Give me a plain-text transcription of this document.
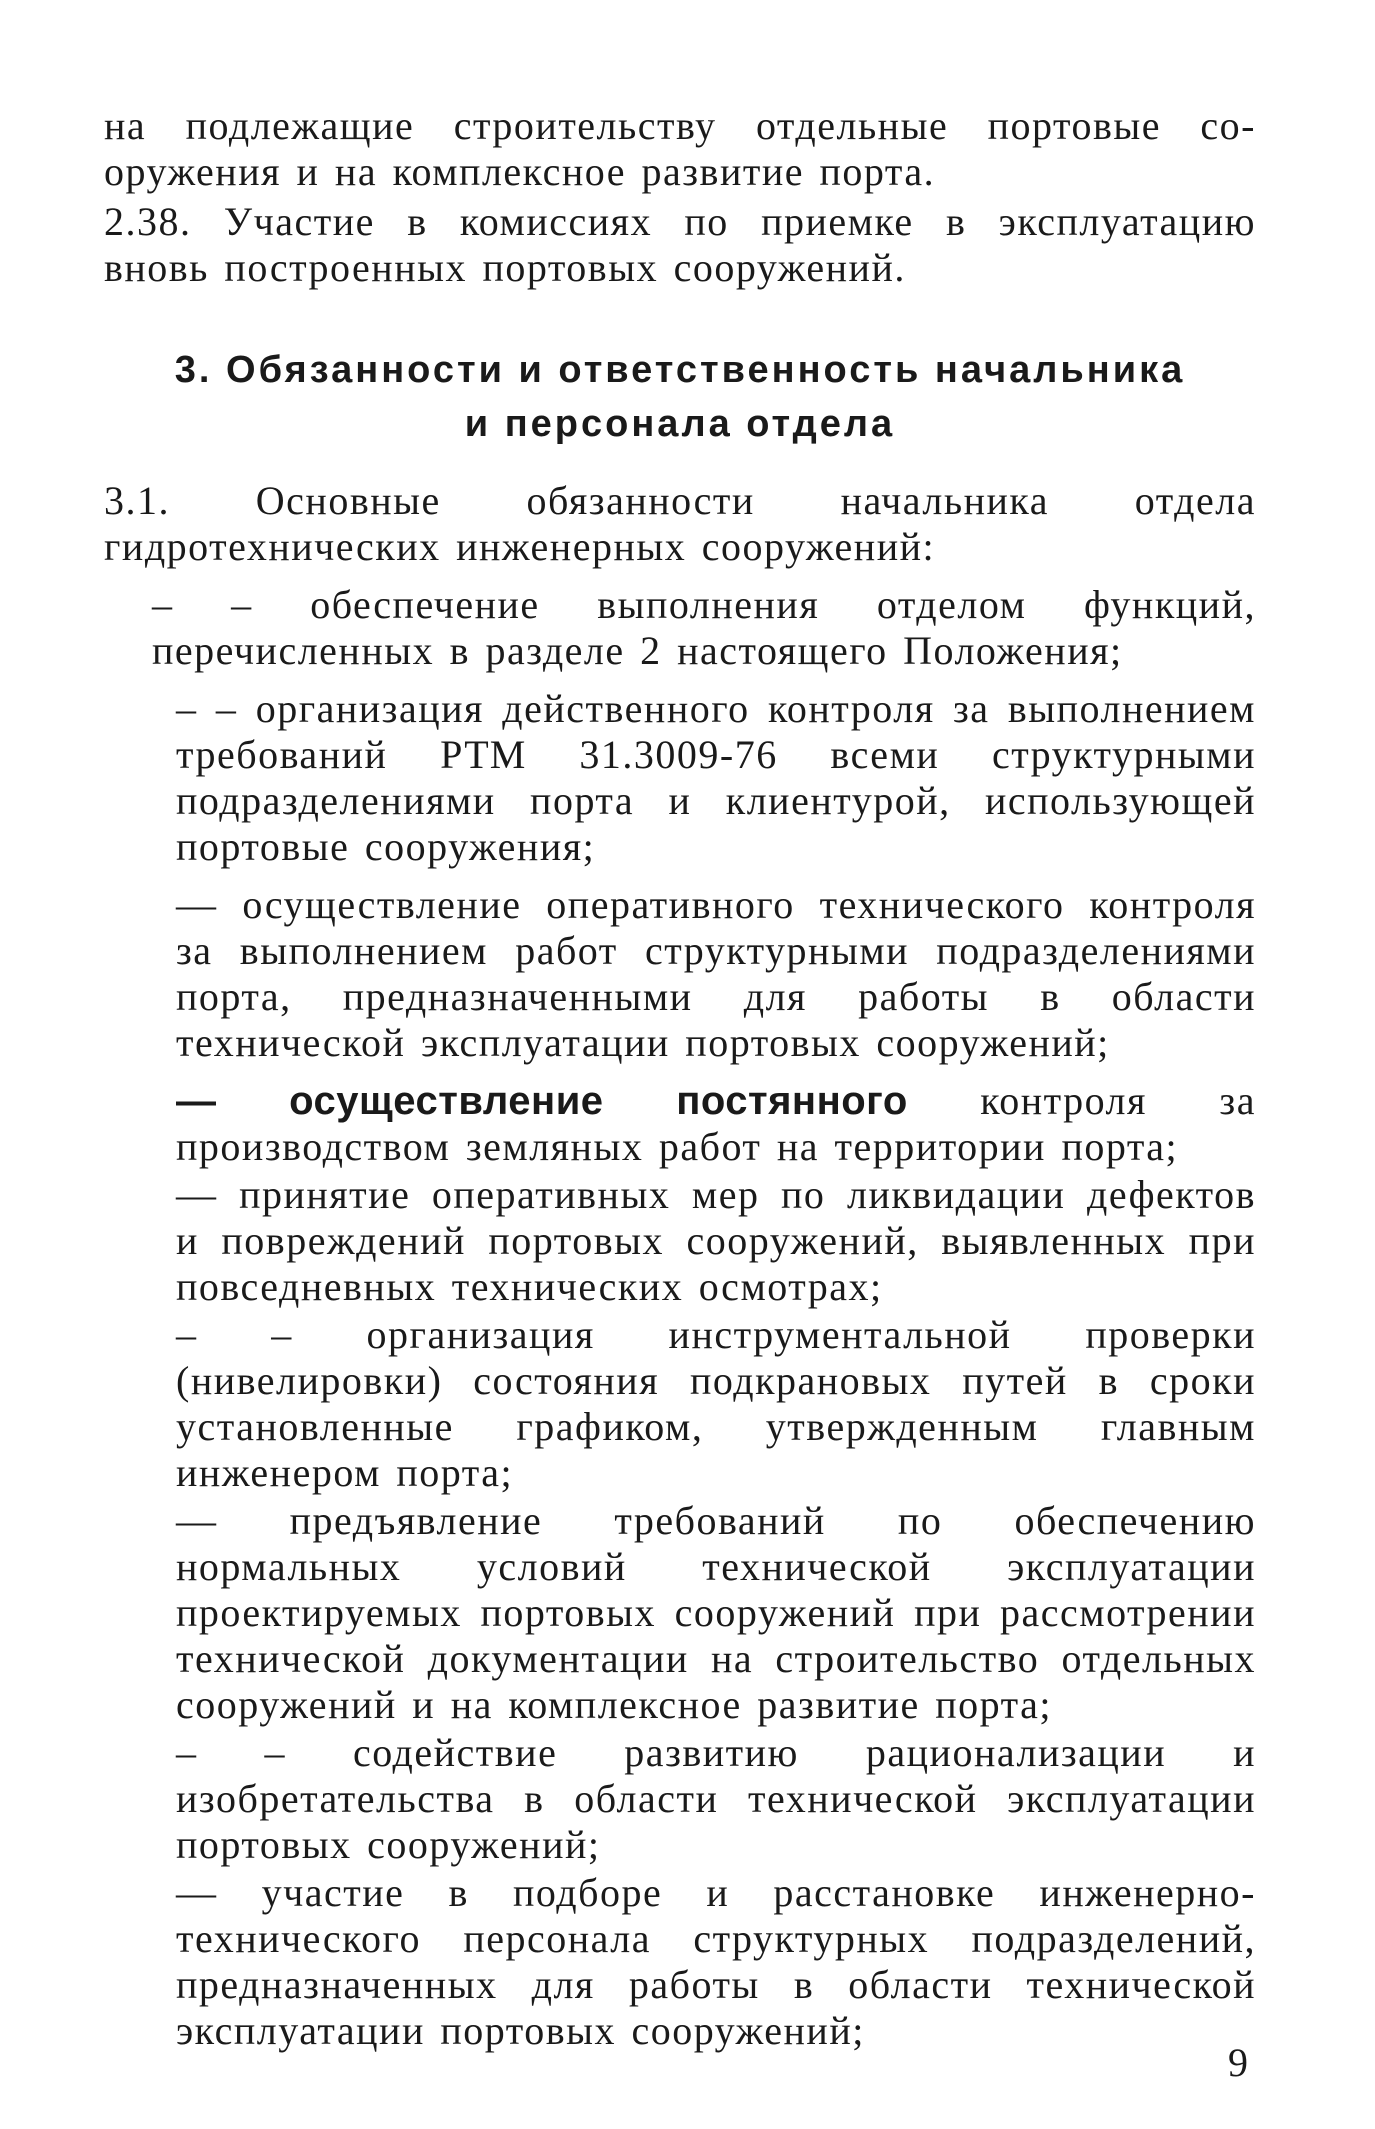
на подлежащие строительству отдельные портовые со-

оружения и на комплексное развитие порта.

2.38. Участие в комиссиях по приемке в эксплуатацию вновь построенных портовых сооружений.

3. Обязанности и ответственность начальника
и персонала отдела

3.1. Основные обязанности начальника отдела гидротехнических инженерных сооружений:

– – обеспечение выполнения отделом функций, перечисленных в разделе 2 настоящего Положения;

– – организация действенного контроля за выполнением требований РТМ 31.3009-76 всеми структурными подразделениями порта и клиентурой, использующей портовые сооружения;

— осуществление оперативного технического контроля за выполнением работ структурными подразделениями порта, предназначенными для работы в области технической эксплуатации портовых сооружений;

— осуществление постянного контроля за производством земляных работ на территории порта;

— принятие оперативных мер по ликвидации дефектов и повреждений портовых сооружений, выявленных при повседневных технических осмотрах;

– – организация инструментальной проверки (нивелировки) состояния подкрановых путей в сроки установленные графиком, утвержденным главным инженером порта;

— предъявление требований по обеспечению нормальных условий технической эксплуатации проектируемых портовых сооружений при рассмотрении технической документации на строительство отдельных сооружений и на комплексное развитие порта;

– – содействие развитию рационализации и изобретательства в области технической эксплуатации портовых сооружений;

— участие в подборе и расстановке инженерно-технического персонала структурных подразделений, предназначенных для работы в области технической эксплуатации портовых сооружений;

9
